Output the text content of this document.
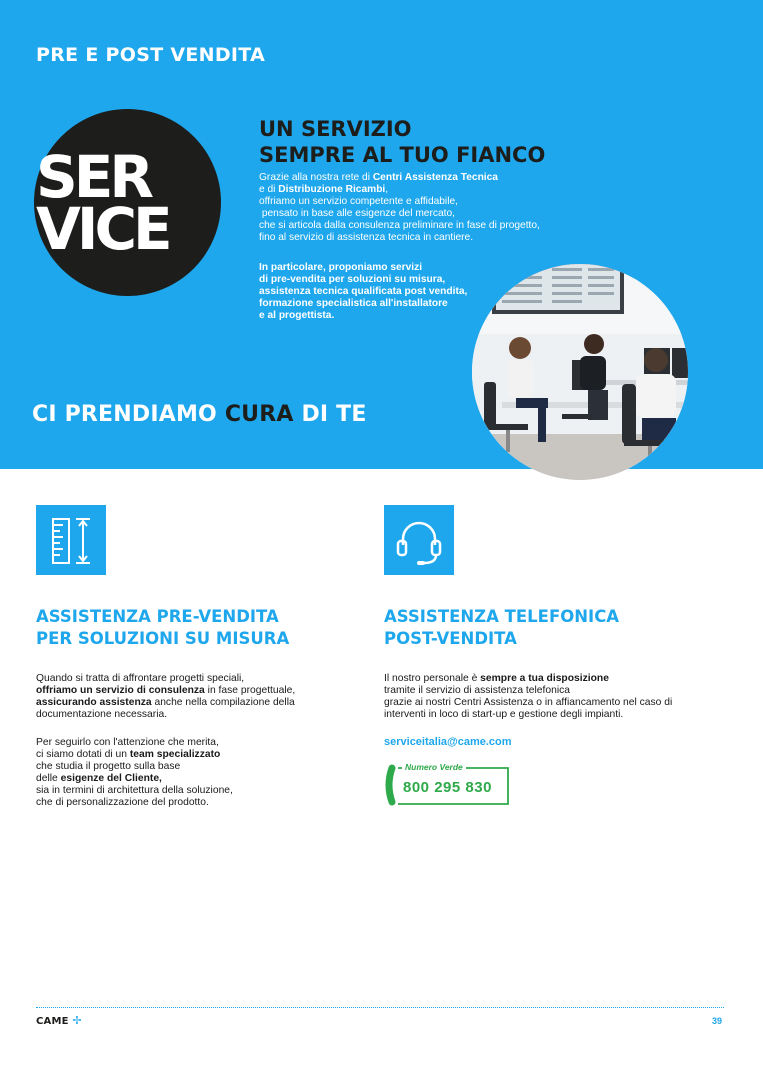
PRE E POST VENDITA

SER

VICE

UN SERVIZIO
SEMPRE AL TUO FIANCO

Grazie alla nostra rete di Centri Assistenza Tecnica
e di Distribuzione Ricambi,
offriamo un servizio competente e affidabile,
pensato in base alle esigenze del mercato,
che si articola dalla consulenza preliminare in fase di progetto,
fino al servizio di assistenza tecnica in cantiere.

In particolare, proponiamo servizi
di pre-vendita per soluzioni su misura,
assistenza tecnica qualificata post vendita,
formazione specialistica all'installatore
e al progettista.

CI PRENDIAMO CURA DI TE
ASSISTENZA PRE-VENDITA
PER SOLUZIONI SU MISURA

Quando si tratta di affrontare progetti speciali,
offriamo un servizio di consulenza in fase progettuale,
assicurando assistenza anche nella compilazione della
documentazione necessaria.

Per seguirlo con l'attenzione che merita,
ci siamo dotati di un team specializzato
che studia il progetto sulla base
delle esigenze del Cliente,
sia in termini di architettura della soluzione,
che di personalizzazione del prodotto.

ASSISTENZA TELEFONICA
POST-VENDITA

Il nostro personale è sempre a tua disposizione
tramite il servizio di assistenza telefonica
grazie ai nostri Centri Assistenza o in affiancamento nel caso di
interventi in loco di start-up e gestione degli impianti.

serviceitalia@came.com
Numero Verde
800 295 830
CAME ✢	39
